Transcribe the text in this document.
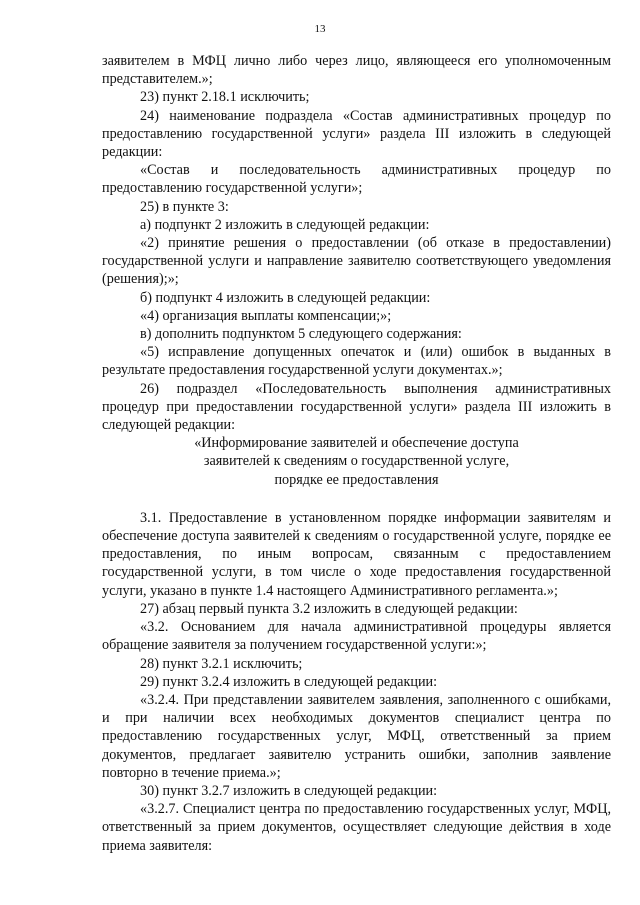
13

заявителем в МФЦ лично либо через лицо, являющееся его уполномоченным представителем.»;

23) пункт 2.18.1 исключить;

24) наименование подраздела «Состав административных процедур по предоставлению государственной услуги» раздела III изложить в следующей редакции:

«Состав и последовательность административных процедур по предоставлению государственной услуги»;

25) в пункте 3:

а) подпункт 2 изложить в следующей редакции:

«2) принятие решения о предоставлении (об отказе в предоставлении) государственной услуги и направление заявителю соответствующего уведомления (решения);»;

б) подпункт 4 изложить в следующей редакции:

«4) организация выплаты компенсации;»;

в) дополнить подпунктом 5 следующего содержания:

«5) исправление допущенных опечаток и (или) ошибок в выданных в результате предоставления государственной услуги документах.»;

26) подраздел «Последовательность выполнения административных процедур при предоставлении государственной услуги» раздела III изложить в следующей редакции:

«Информирование заявителей и обеспечение доступа
заявителей к сведениям о государственной услуге,
порядке ее предоставления

3.1. Предоставление в установленном порядке информации заявителям и обеспечение доступа заявителей к сведениям о государственной услуге, порядке ее предоставления, по иным вопросам, связанным с предоставлением государственной услуги, в том числе о ходе предоставления государственной услуги, указано в пункте 1.4 настоящего Административного регламента.»;

27) абзац первый пункта 3.2 изложить в следующей редакции:

«3.2. Основанием для начала административной процедуры является обращение заявителя за получением государственной услуги:»;

28) пункт 3.2.1 исключить;

29) пункт 3.2.4 изложить в следующей редакции:

«3.2.4. При представлении заявителем заявления, заполненного с ошибками, и при наличии всех необходимых документов специалист центра по предоставлению государственных услуг, МФЦ, ответственный за прием документов, предлагает заявителю устранить ошибки, заполнив заявление повторно в течение приема.»;

30) пункт 3.2.7 изложить в следующей редакции:

«3.2.7. Специалист центра по предоставлению государственных услуг, МФЦ, ответственный за прием документов, осуществляет следующие действия в ходе приема заявителя:
